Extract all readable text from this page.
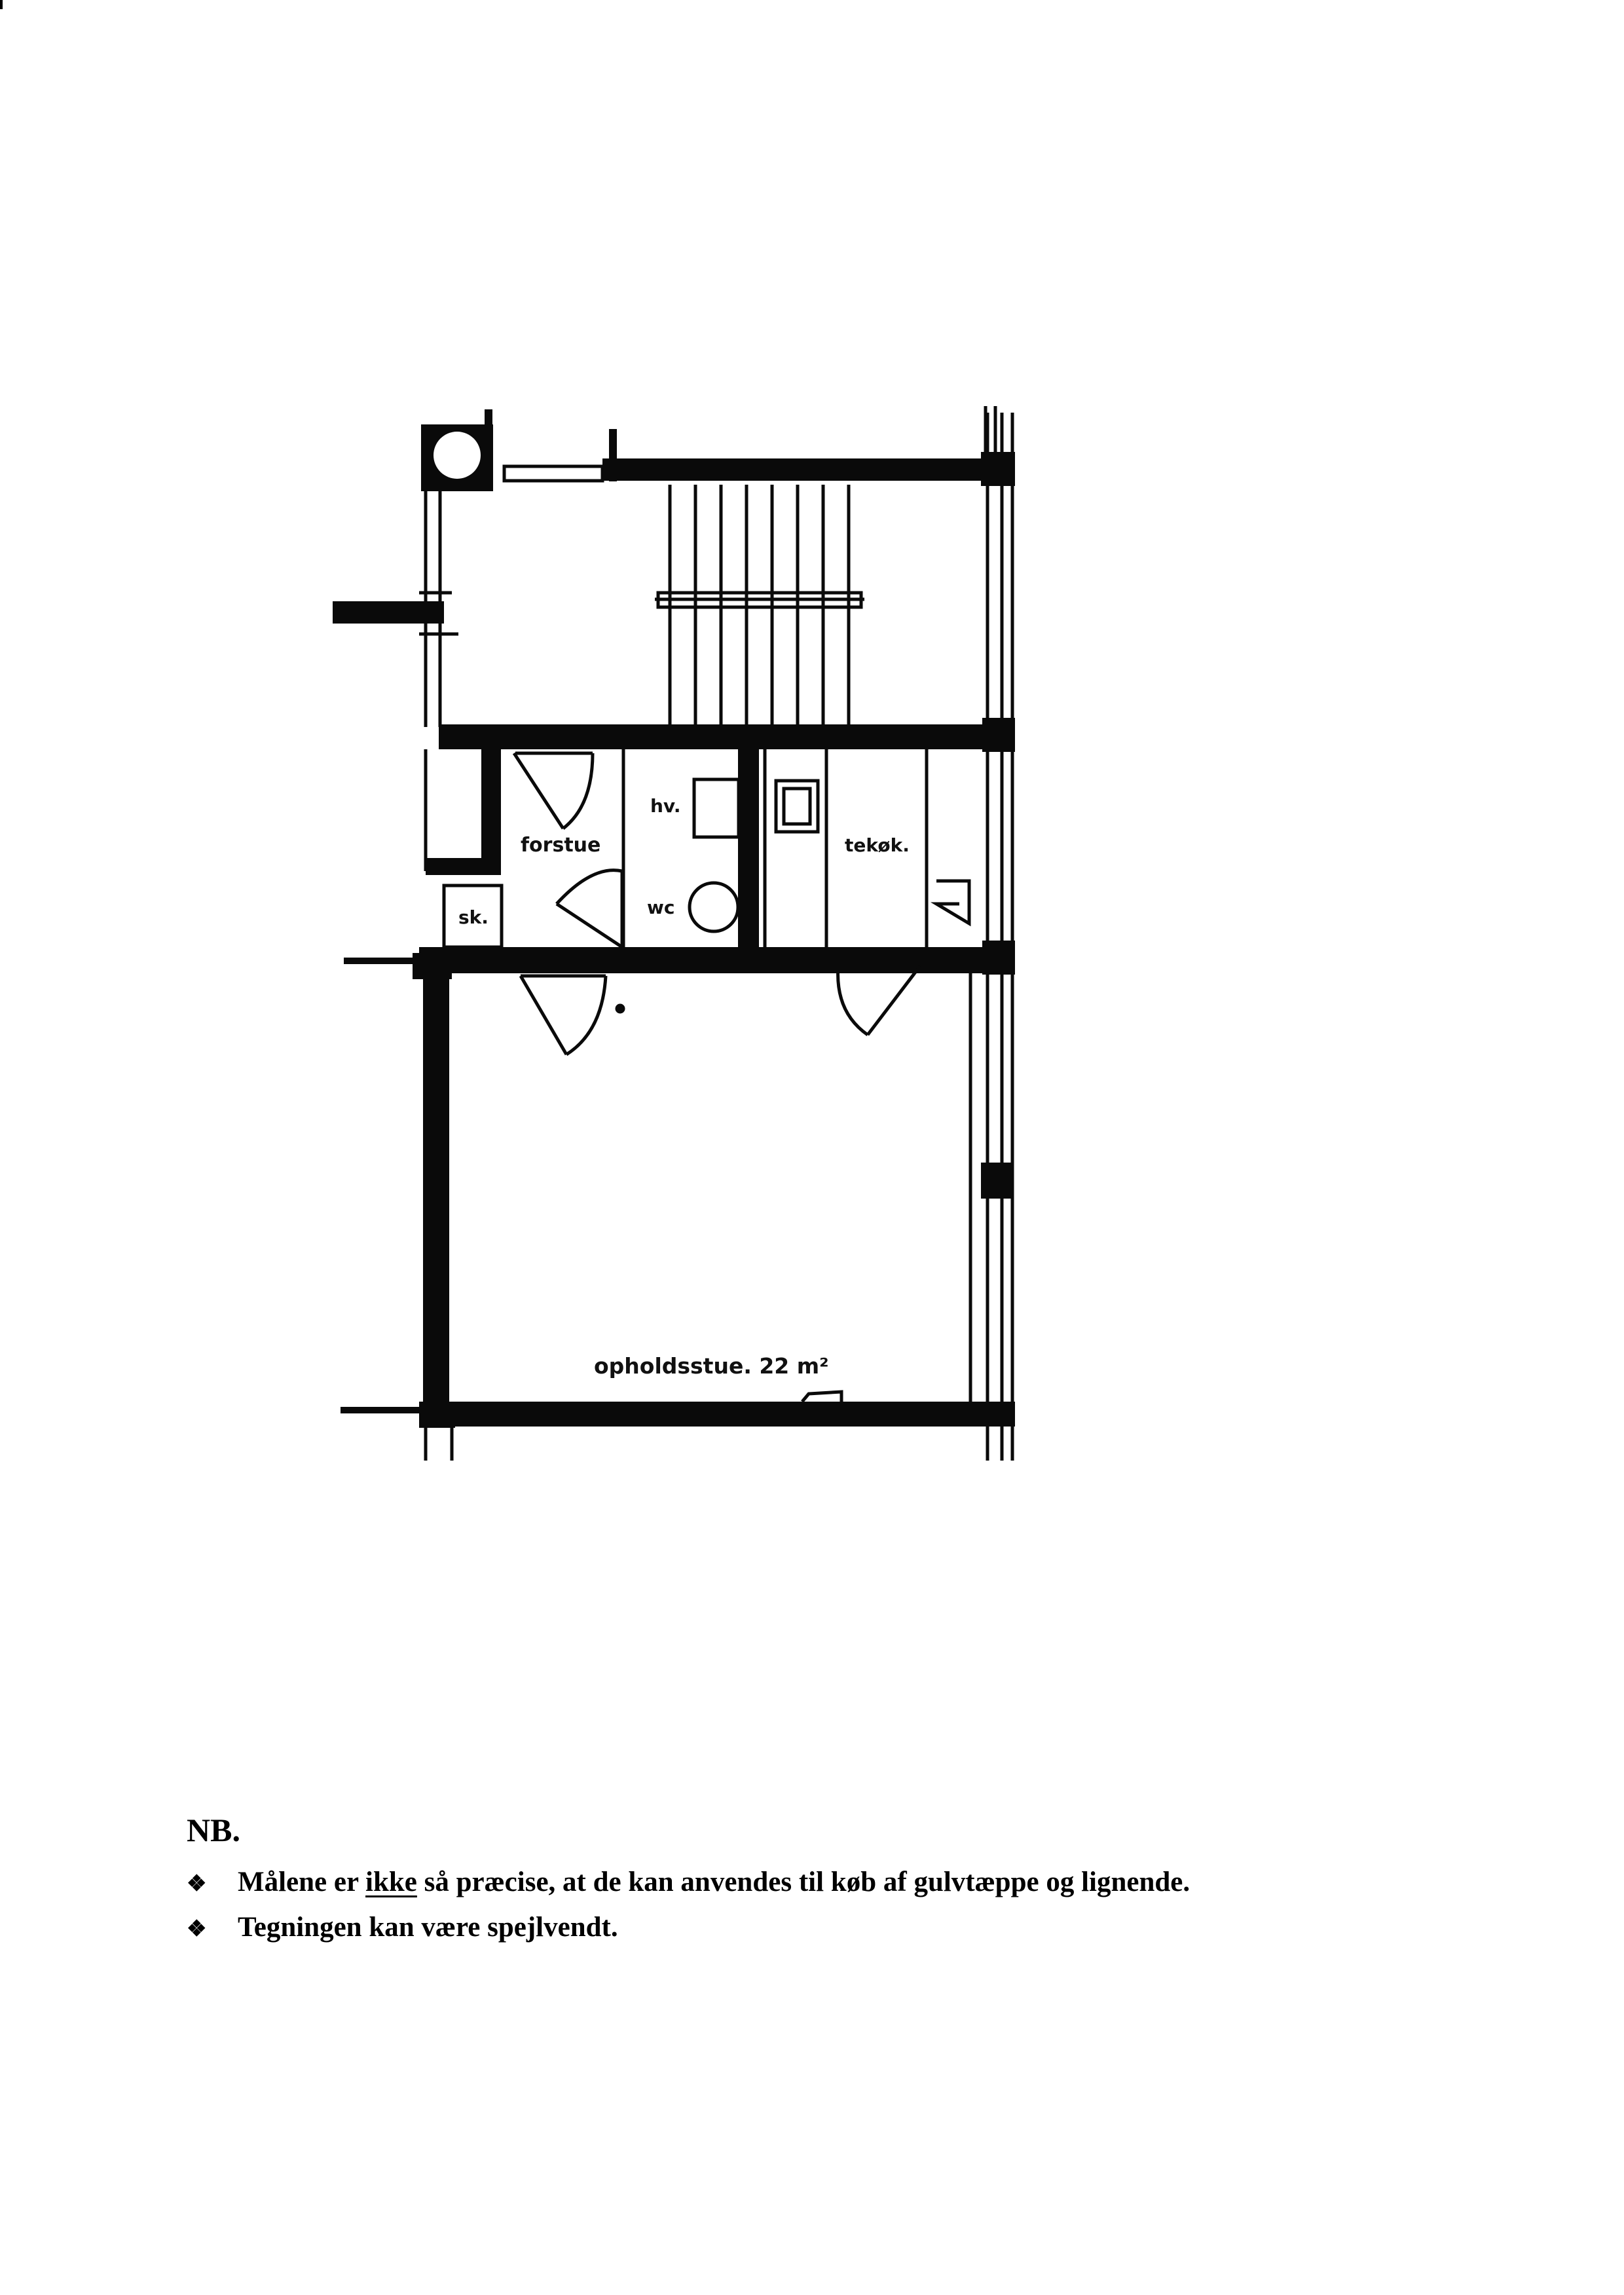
forstue
hv.
wc
tekøk.
sk.
opholdsstue. 22 m²
NB.
❖	Målene er ikke så præcise, at de kan anvendes til køb af gulvtæppe og lignende.
❖	Tegningen kan være spejlvendt.
